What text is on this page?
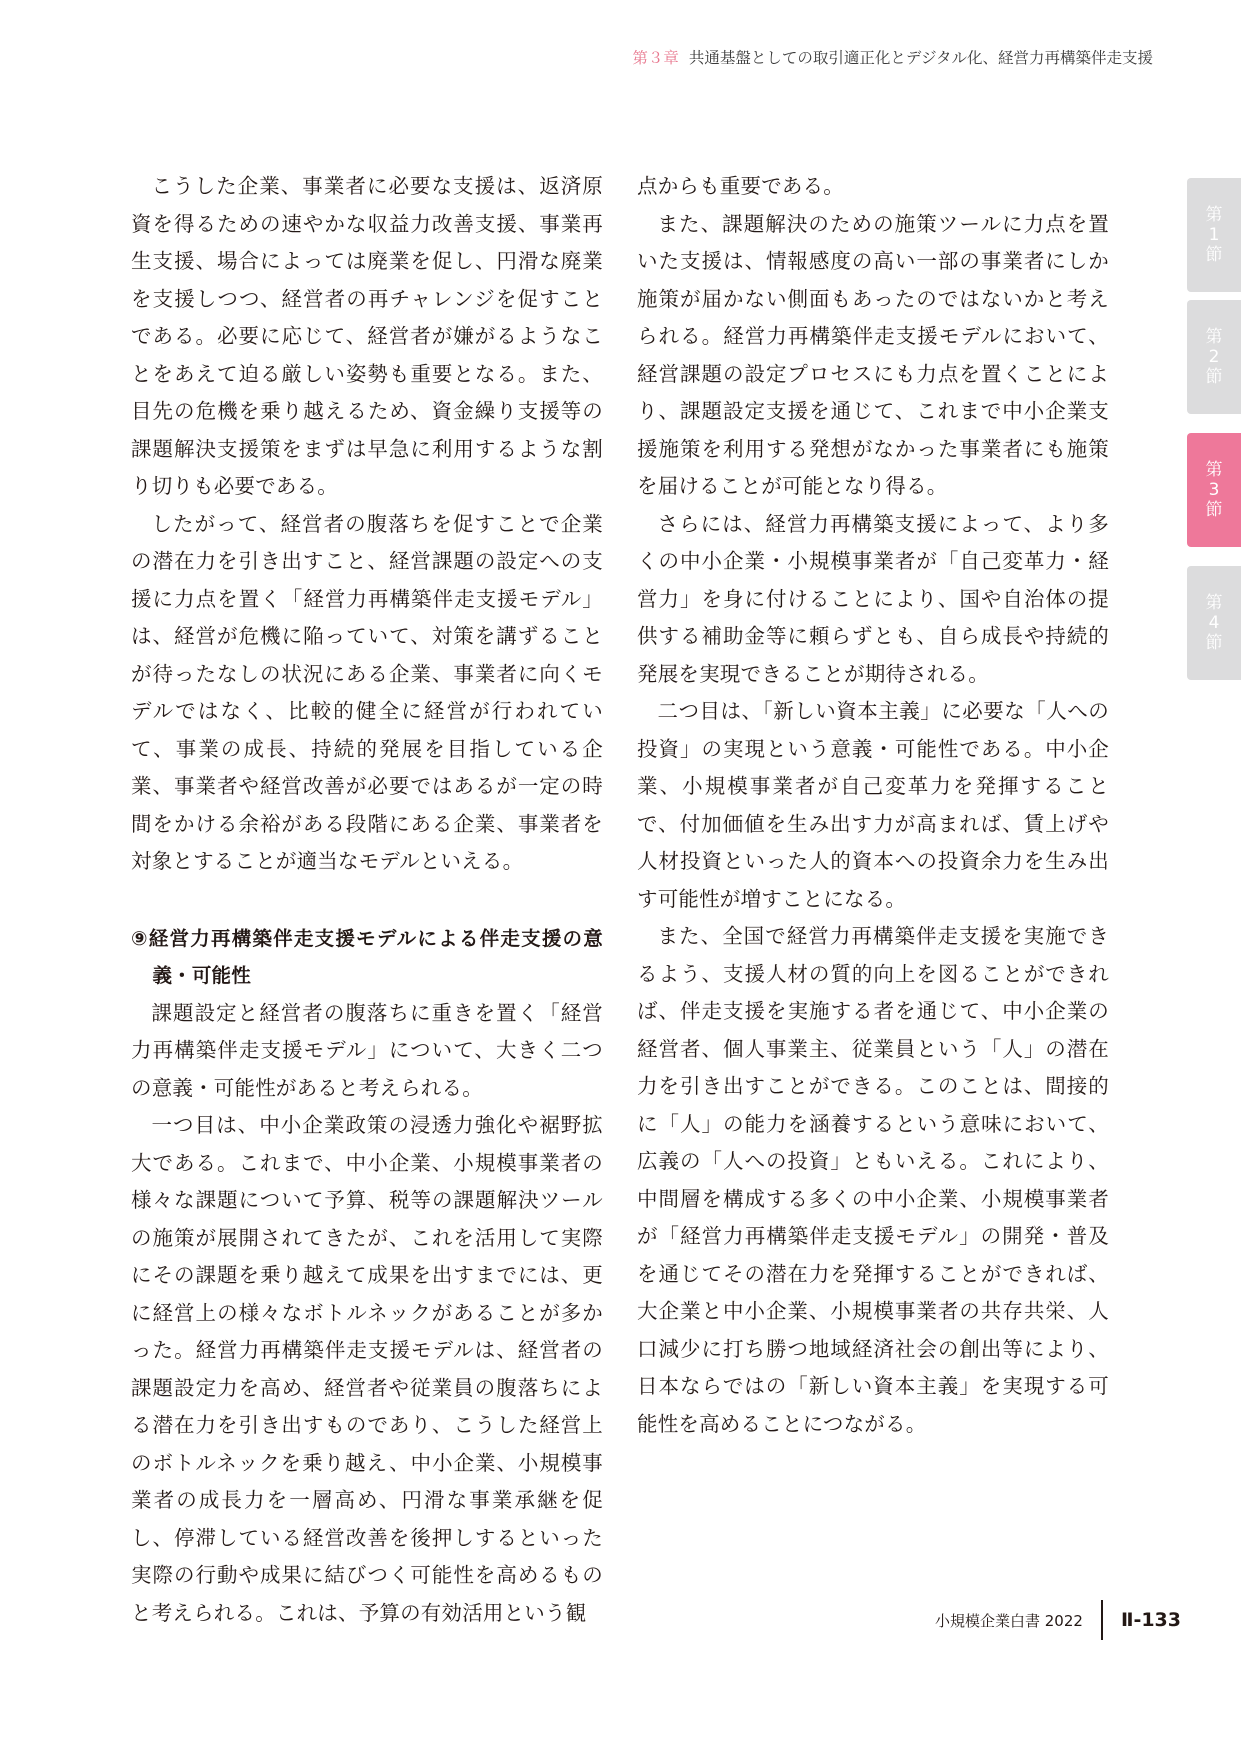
第３章 共通基盤としての取引適正化とデジタル化、経営力再構築伴走支援

こうした企業、事業者に必要な支援は、返済原資を得るための速やかな収益力改善支援、事業再生支援、場合によっては廃業を促し、円滑な廃業を支援しつつ、経営者の再チャレンジを促すことである。必要に応じて、経営者が嫌がるようなことをあえて迫る厳しい姿勢も重要となる。また、目先の危機を乗り越えるため、資金繰り支援等の課題解決支援策をまずは早急に利用するような割り切りも必要である。

したがって、経営者の腹落ちを促すことで企業の潜在力を引き出すこと、経営課題の設定への支援に力点を置く「経営力再構築伴走支援モデル」は、経営が危機に陥っていて、対策を講ずることが待ったなしの状況にある企業、事業者に向くモデルではなく、比較的健全に経営が行われていて、事業の成長、持続的発展を目指している企業、事業者や経営改善が必要ではあるが一定の時間をかける余裕がある段階にある企業、事業者を対象とすることが適当なモデルといえる。

⑨経営力再構築伴走支援モデルによる伴走支援の意義・可能性

課題設定と経営者の腹落ちに重きを置く「経営力再構築伴走支援モデル」について、大きく二つの意義・可能性があると考えられる。

一つ目は、中小企業政策の浸透力強化や裾野拡大である。これまで、中小企業、小規模事業者の様々な課題について予算、税等の課題解決ツールの施策が展開されてきたが、これを活用して実際にその課題を乗り越えて成果を出すまでには、更に経営上の様々なボトルネックがあることが多かった。経営力再構築伴走支援モデルは、経営者の課題設定力を高め、経営者や従業員の腹落ちによる潜在力を引き出すものであり、こうした経営上のボトルネックを乗り越え、中小企業、小規模事業者の成長力を一層高め、円滑な事業承継を促し、停滞している経営改善を後押しするといった実際の行動や成果に結びつく可能性を高めるものと考えられる。これは、予算の有効活用という観

点からも重要である。

また、課題解決のための施策ツールに力点を置いた支援は、情報感度の高い一部の事業者にしか施策が届かない側面もあったのではないかと考えられる。経営力再構築伴走支援モデルにおいて、経営課題の設定プロセスにも力点を置くことにより、課題設定支援を通じて、これまで中小企業支援施策を利用する発想がなかった事業者にも施策を届けることが可能となり得る。

さらには、経営力再構築支援によって、より多くの中小企業・小規模事業者が「自己変革力・経営力」を身に付けることにより、国や自治体の提供する補助金等に頼らずとも、自ら成長や持続的発展を実現できることが期待される。

二つ目は、「新しい資本主義」に必要な「人への投資」の実現という意義・可能性である。中小企業、小規模事業者が自己変革力を発揮することで、付加価値を生み出す力が高まれば、賃上げや人材投資といった人的資本への投資余力を生み出す可能性が増すことになる。

また、全国で経営力再構築伴走支援を実施できるよう、支援人材の質的向上を図ることができれば、伴走支援を実施する者を通じて、中小企業の経営者、個人事業主、従業員という「人」の潜在力を引き出すことができる。このことは、間接的に「人」の能力を涵養するという意味において、広義の「人への投資」ともいえる。これにより、中間層を構成する多くの中小企業、小規模事業者が「経営力再構築伴走支援モデル」の開発・普及を通じてその潜在力を発揮することができれば、大企業と中小企業、小規模事業者の共存共栄、人口減少に打ち勝つ地域経済社会の創出等により、日本ならではの「新しい資本主義」を実現する可能性を高めることにつながる。

第
1
節
第
2
節
第
3
節
第
4
節
小規模企業白書 2022 Ⅱ-133
